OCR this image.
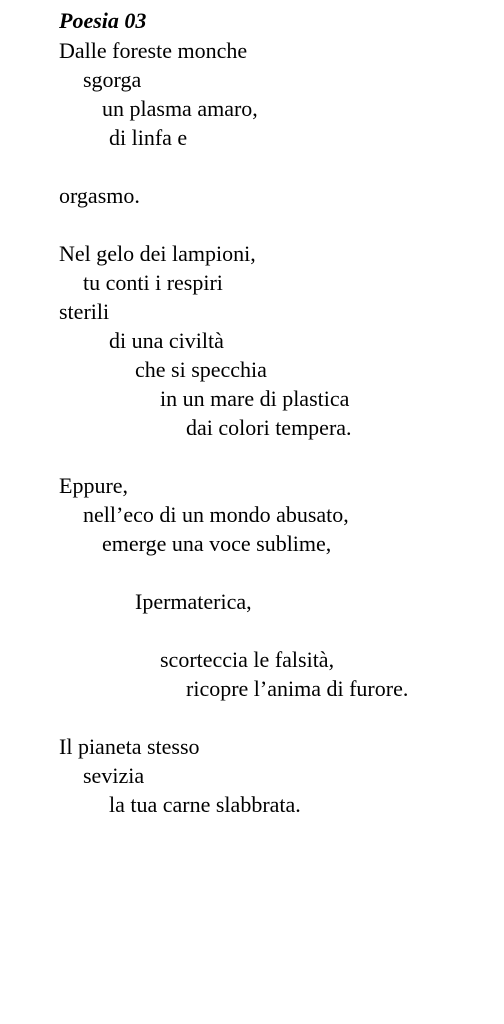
Poesia 03
Dalle foreste monche
sgorga
un plasma amaro,
di linfa e
orgasmo.
Nel gelo dei lampioni,
tu conti i respiri
sterili
di una civiltà
che si specchia
in un mare di plastica
dai colori tempera.
Eppure,
nell’eco di un mondo abusato,
emerge una voce sublime,
Ipermaterica,
scorteccia le falsità,
ricopre l’anima di furore.
Il pianeta stesso
sevizia
la tua carne slabbrata.
